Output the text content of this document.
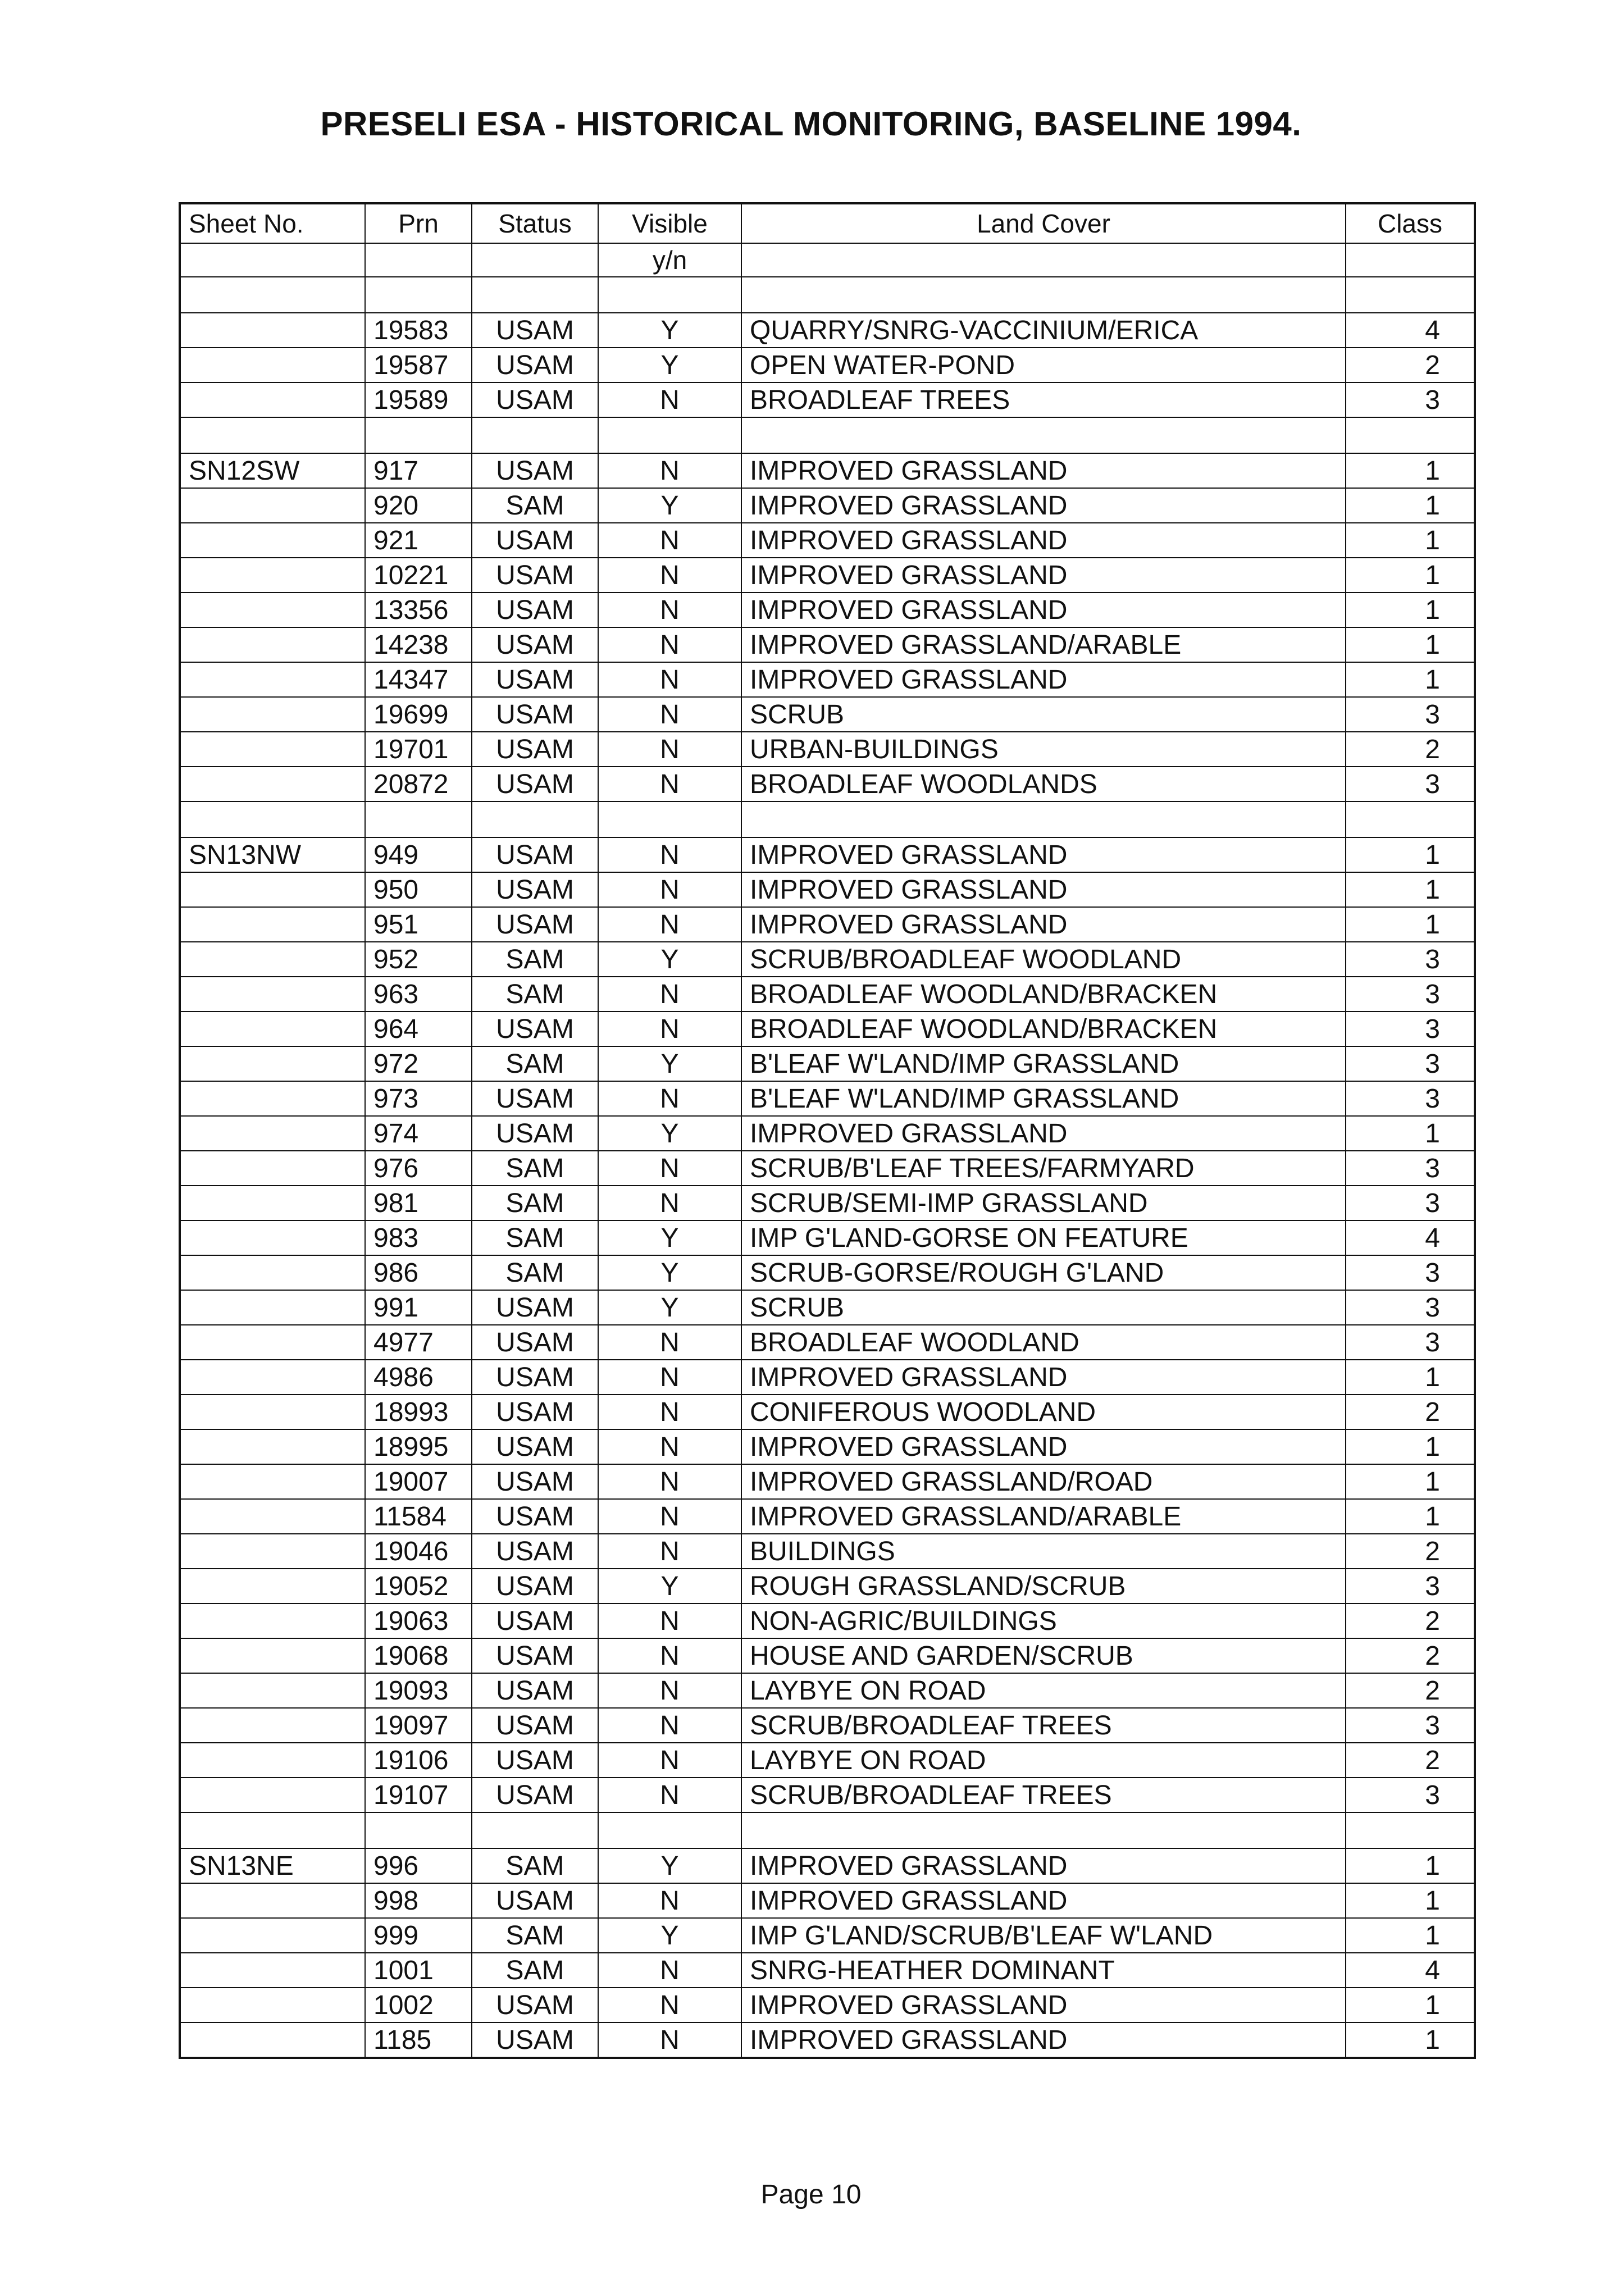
PRESELI ESA - HISTORICAL MONITORING, BASELINE 1994.
Sheet No.	Prn	Status	Visible	Land Cover	Class
			y/n		

	19583	USAM	Y	QUARRY/SNRG-VACCINIUM/ERICA	4
	19587	USAM	Y	OPEN WATER-POND	2
	19589	USAM	N	BROADLEAF TREES	3

SN12SW	917	USAM	N	IMPROVED GRASSLAND	1
	920	SAM	Y	IMPROVED GRASSLAND	1
	921	USAM	N	IMPROVED GRASSLAND	1
	10221	USAM	N	IMPROVED GRASSLAND	1
	13356	USAM	N	IMPROVED GRASSLAND	1
	14238	USAM	N	IMPROVED GRASSLAND/ARABLE	1
	14347	USAM	N	IMPROVED GRASSLAND	1
	19699	USAM	N	SCRUB	3
	19701	USAM	N	URBAN-BUILDINGS	2
	20872	USAM	N	BROADLEAF WOODLANDS	3

SN13NW	949	USAM	N	IMPROVED GRASSLAND	1
	950	USAM	N	IMPROVED GRASSLAND	1
	951	USAM	N	IMPROVED GRASSLAND	1
	952	SAM	Y	SCRUB/BROADLEAF WOODLAND	3
	963	SAM	N	BROADLEAF WOODLAND/BRACKEN	3
	964	USAM	N	BROADLEAF WOODLAND/BRACKEN	3
	972	SAM	Y	B'LEAF W'LAND/IMP GRASSLAND	3
	973	USAM	N	B'LEAF W'LAND/IMP GRASSLAND	3
	974	USAM	Y	IMPROVED GRASSLAND	1
	976	SAM	N	SCRUB/B'LEAF TREES/FARMYARD	3
	981	SAM	N	SCRUB/SEMI-IMP GRASSLAND	3
	983	SAM	Y	IMP G'LAND-GORSE ON FEATURE	4
	986	SAM	Y	SCRUB-GORSE/ROUGH G'LAND	3
	991	USAM	Y	SCRUB	3
	4977	USAM	N	BROADLEAF WOODLAND	3
	4986	USAM	N	IMPROVED GRASSLAND	1
	18993	USAM	N	CONIFEROUS WOODLAND	2
	18995	USAM	N	IMPROVED GRASSLAND	1
	19007	USAM	N	IMPROVED GRASSLAND/ROAD	1
	11584	USAM	N	IMPROVED GRASSLAND/ARABLE	1
	19046	USAM	N	BUILDINGS	2
	19052	USAM	Y	ROUGH GRASSLAND/SCRUB	3
	19063	USAM	N	NON-AGRIC/BUILDINGS	2
	19068	USAM	N	HOUSE AND GARDEN/SCRUB	2
	19093	USAM	N	LAYBYE ON ROAD	2
	19097	USAM	N	SCRUB/BROADLEAF TREES	3
	19106	USAM	N	LAYBYE ON ROAD	2
	19107	USAM	N	SCRUB/BROADLEAF TREES	3

SN13NE	996	SAM	Y	IMPROVED GRASSLAND	1
	998	USAM	N	IMPROVED GRASSLAND	1
	999	SAM	Y	IMP G'LAND/SCRUB/B'LEAF W'LAND	1
	1001	SAM	N	SNRG-HEATHER DOMINANT	4
	1002	USAM	N	IMPROVED GRASSLAND	1
	1185	USAM	N	IMPROVED GRASSLAND	1
Page 10
